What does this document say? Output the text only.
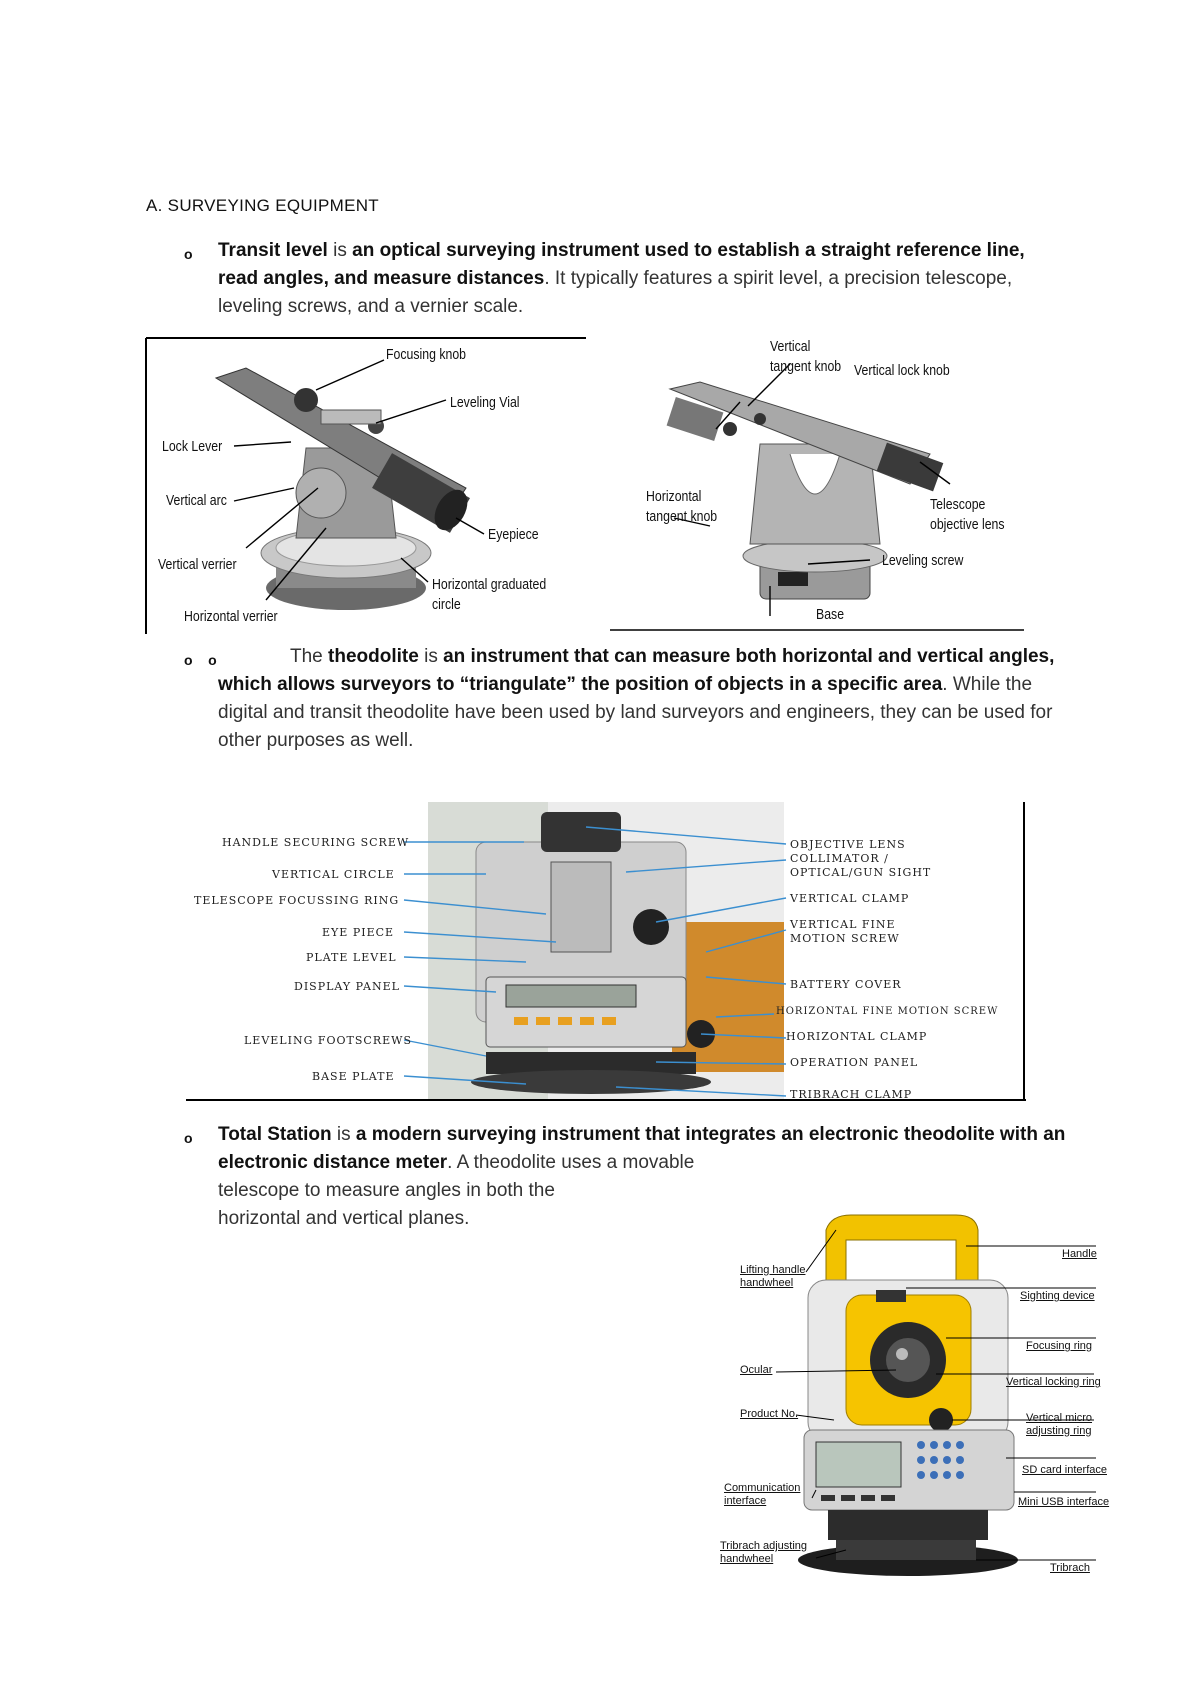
A. SURVEYING EQUIPMENT
o Transit level is an optical surveying instrument used to establish a straight reference line, read angles, and measure distances. It typically features a spirit level, a precision telescope, leveling screws, and a vernier scale.
Focusing knob
Leveling Vial
Lock Lever
Vertical arc
Eyepiece
Vertical verrier
Horizontal graduated
circle
Horizontal verrier
Vertical
tangent knob Vertical lock knob
Horizontal
tangent knob
Telescope
objective lens
Leveling screw
Base
o    o	The theodolite is an instrument that can measure both horizontal and vertical angles, which allows surveyors to “triangulate” the position of objects in a specific area. While the digital and transit theodolite have been used by land surveyors and engineers, they can be used for other purposes as well.
HANDLE SECURING SCREW
VERTICAL CIRCLE
TELESCOPE FOCUSSING RING
EYE PIECE
PLATE LEVEL
DISPLAY PANEL
LEVELING FOOTSCREWS
BASE PLATE
OBJECTIVE LENS
COLLIMATOR /
OPTICAL/GUN SIGHT
VERTICAL CLAMP
VERTICAL FINE
MOTION SCREW
BATTERY COVER
HORIZONTAL FINE MOTION SCREW
HORIZONTAL CLAMP
OPERATION PANEL
TRIBRACH CLAMP
o Total Station is a modern surveying instrument that integrates an electronic theodolite with an electronic distance meter. A theodolite uses a movable
telescope to measure angles in both the
horizontal and vertical planes.
Handle
Sighting device
Focusing ring
Vertical locking ring
Vertical micro
adjusting ring
SD card interface
Mini USB interface
Tribrach
Lifting handle
handwheel
Ocular
Product No.
Communication
interface
Tribrach adjusting
handwheel
